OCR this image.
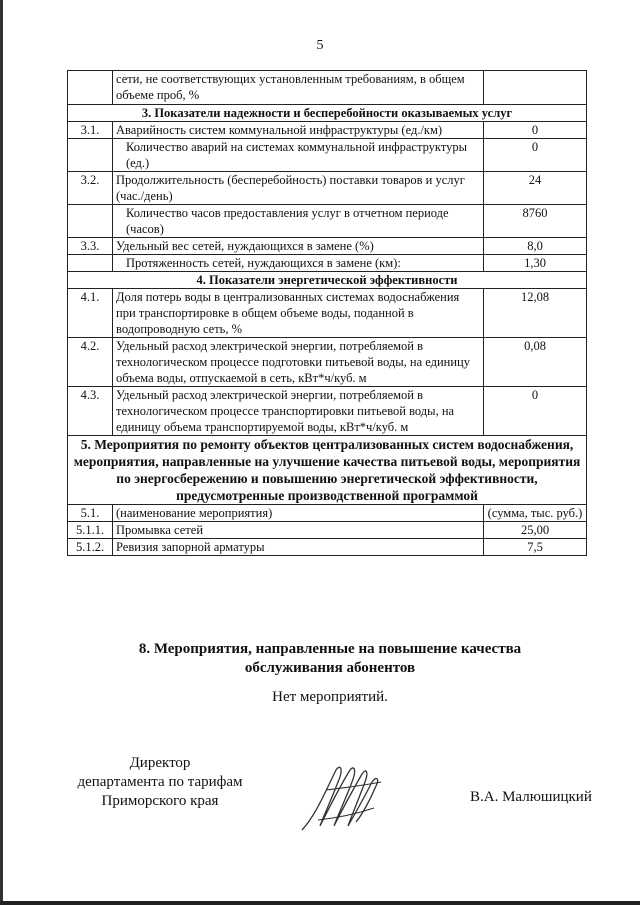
5
	сети, не соответствующих установленным требованиям, в общем объеме проб, %	
3. Показатели надежности и бесперебойности оказываемых услуг		
3.1.	Аварийность систем коммунальной инфраструктуры (ед./км)	0
	Количество аварий на системах коммунальной инфраструктуры (ед.)	0
3.2.	Продолжительность (бесперебойность) поставки товаров и услуг (час./день)	24
	Количество часов предоставления услуг в отчетном периоде (часов)	8760
3.3.	Удельный вес сетей, нуждающихся в замене (%)	8,0
	Протяженность сетей, нуждающихся в замене (км):	1,30
4. Показатели энергетической эффективности		
4.1.	Доля потерь воды в централизованных системах водоснабжения при транспортировке в общем объеме воды, поданной в водопроводную сеть, %	12,08
4.2.	Удельный расход электрической энергии, потребляемой в технологическом процессе подготовки питьевой воды, на единицу объема воды, отпускаемой в сеть, кВт*ч/куб. м	0,08
4.3.	Удельный расход электрической энергии, потребляемой в технологическом процессе транспортировки питьевой воды, на единицу объема транспортируемой воды, кВт*ч/куб. м	0
5. Мероприятия по ремонту объектов централизованных систем водоснабжения, мероприятия, направленные на улучшение качества питьевой воды, мероприятия по энергосбережению и повышению энергетической эффективности, предусмотренные производственной программой		
5.1.	(наименование мероприятия)	(сумма, тыс. руб.)
5.1.1.	Промывка сетей	25,00
5.1.2.	Ревизия запорной арматуры	7,5
8. Мероприятия, направленные на повышение качества
обслуживания абонентов
Нет мероприятий.
Директор
департамента по тарифам
Приморского края	В.А. Малюшицкий
